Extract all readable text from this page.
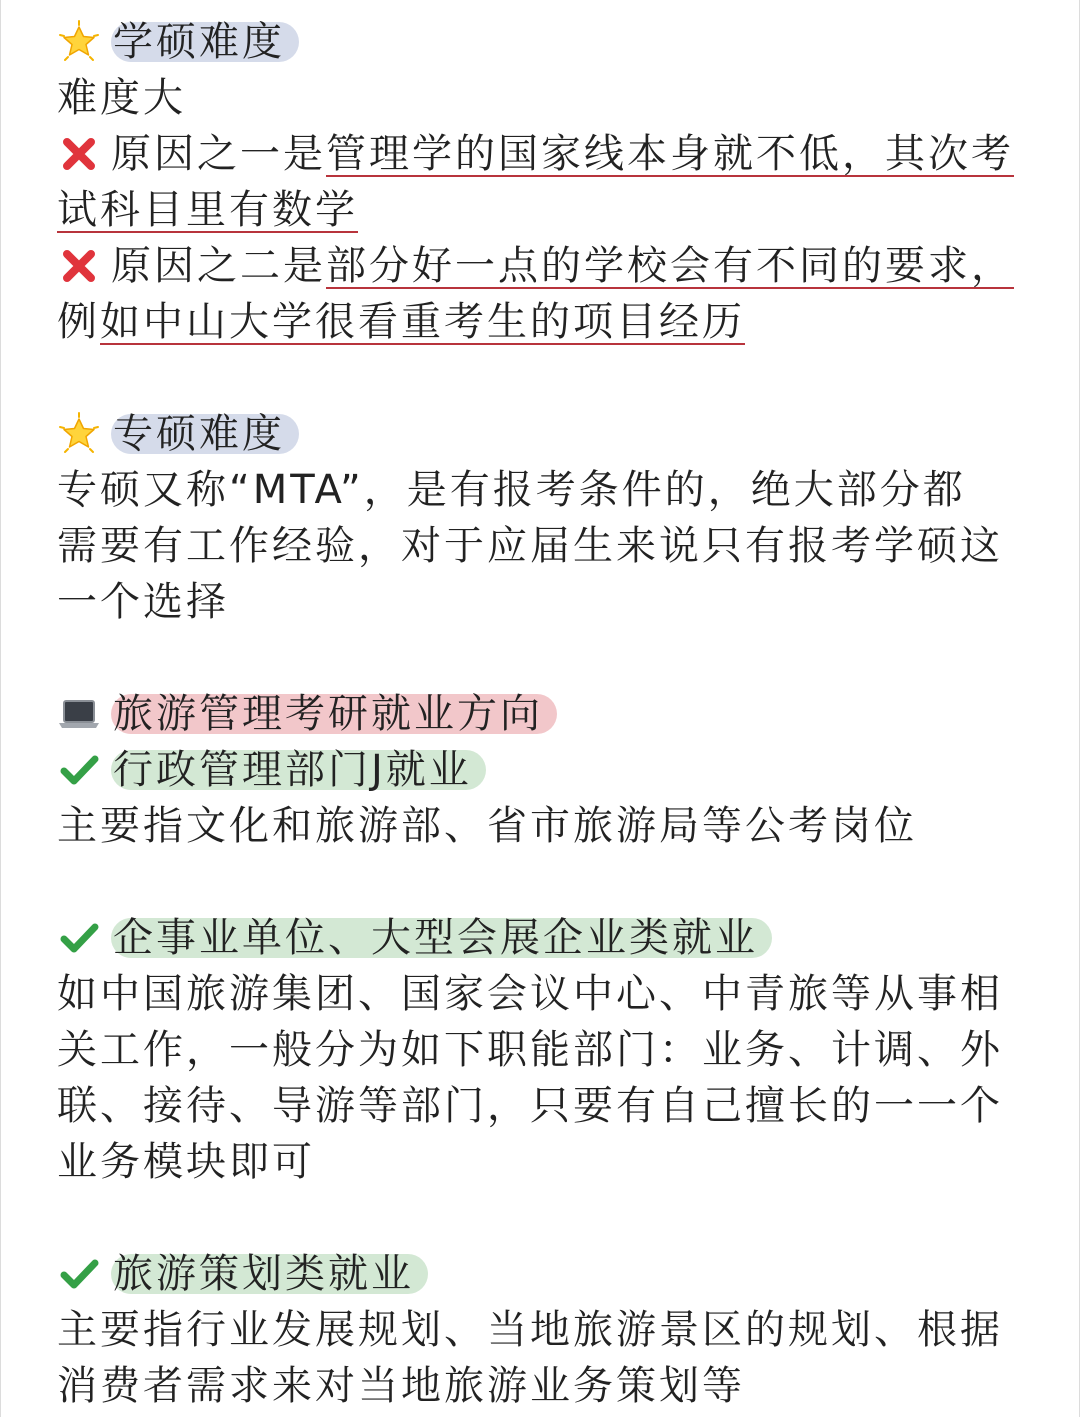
学硕难度
难度大
原因之一是 管理学的国家线本身就不低，其次考
试科目里有数学
原因之二是 部分好一点的学校会有不同的要求，
例 如中山大学很看重考生的项目经历
专硕难度
专硕又称“MTA”，是有报考条件的，绝大部分都
需要有工作经验，对于应届生来说只有报考学硕这
一个选择
旅游管理考研就业方向
行政管理部门J就业
主要指文化和旅游部、省市旅游局等公考岗位
企事业单位、大型会展企业类就业
如中国旅游集团、国家会议中心、中青旅等从事相
关工作，一般分为如下职能部门：业务、计调、外
联、接待、导游等部门，只要有自己擅长的一一个
业务模块即可
旅游策划类就业
主要指行业发展规划、当地旅游景区的规划、根据
消费者需求来对当地旅游业务策划等
